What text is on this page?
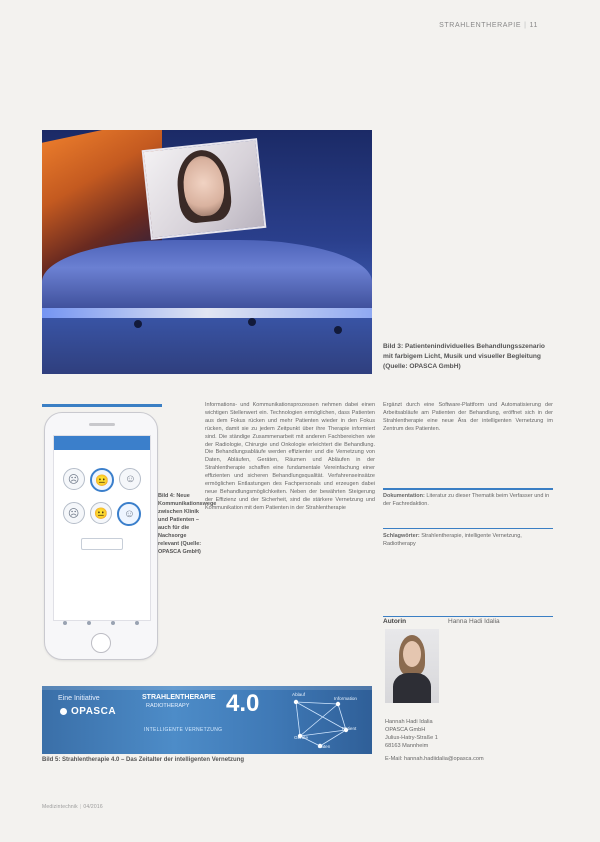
STRAHLENTHERAPIE | 11
Bild 3: Patientenindividuelles Behandlungsszenario mit farbigem Licht, Musik und visueller Begleitung (Quelle: OPASCA GmbH)
☹	😐	☺
☹	😐	☺
Bild 4: Neue Kommunikationswege zwischen Klinik und Patienten – auch für die Nachsorge relevant (Quelle: OPASCA GmbH)
Informations- und Kommunikationsprozessen nehmen dabei einen wichtigen Stellenwert ein. Technologien ermöglichen, dass Patienten aus dem Fokus rücken und mehr Patienten wieder in den Fokus rücken, damit sie zu jedem Zeitpunkt über ihre Therapie informiert sind. Die ständige Zusammenarbeit mit anderen Fachbereichen wie der Radiologie, Chirurgie und Onkologie erleichtert die Behandlung. Die Behandlungsabläufe werden effizienter und die Vernetzung von Daten, Abläufen, Geräten, Räumen und Abläufen in der Strahlentherapie schaffen eine fundamentale Vereinfachung einer effizienten und sicheren Behandlungsqualität. Verfahrenseinsätze ermöglichen Entlastungen des Fachpersonals und erzeugen dabei neue Behandlungsmöglichkeiten. Neben der bewährten Steigerung der Effizienz und der Sicherheit, sind die stärkere Vernetzung und Kommunikation mit dem Patienten in der Strahlentherapie
Ergänzt durch eine Software-Plattform und Automatisierung der Arbeitsabläufe am Patienten der Behandlung, eröffnet sich in der Strahlentherapie eine neue Ära der intelligenten Vernetzung im Zentrum des Patienten.
Dokumentation: Literatur zu dieser Thematik beim Verfasser und in der Fachredaktion.
Schlagwörter: Strahlentherapie, intelligente Vernetzung, Radiotherapy
Autorin	Hanna Hadi Idalia
Hannah Hadi Idalia
OPASCA GmbH
Julius-Hatry-Straße 1
68163 Mannheim
Eine Initiative
OPASCA
STRAHLENTHERAPIE
RADIOTHERAPY 4.0
INTELLIGENTE VERNETZUNG
Ablauf
Information
Geräte
Patient
Daten
Bild 5: Strahlentherapie 4.0 – Das Zeitalter der intelligenten Vernetzung	E-Mail: hannah.hadiidalia@opasca.com
Medizintechnik | 04/2016
